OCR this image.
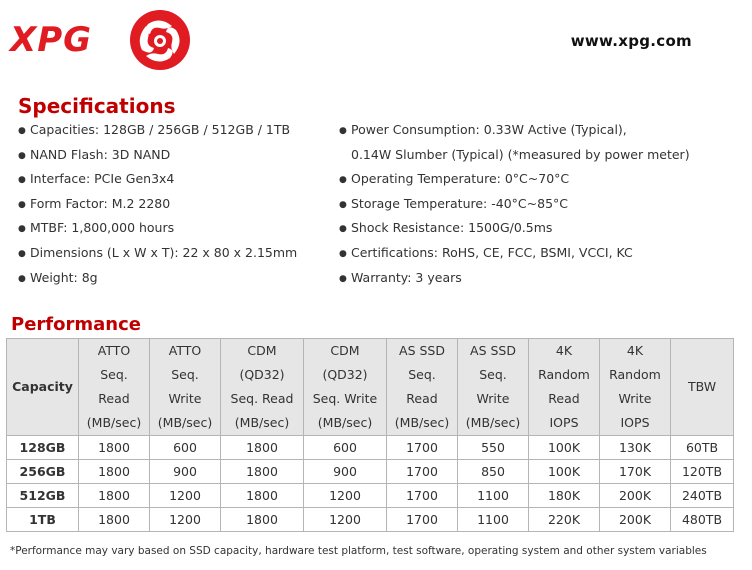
XPG	www.xpg.com
Specifications
● Capacities: 128GB / 256GB / 512GB / 1TB
● NAND Flash: 3D NAND
● Interface: PCIe Gen3x4
● Form Factor: M.2 2280
● MTBF: 1,800,000 hours
● Dimensions (L x W x T): 22 x 80 x 2.15mm
● Weight: 8g
● Power Consumption: 0.33W Active (Typical),
0.14W Slumber (Typical) (*measured by power meter)
● Operating Temperature: 0°C~70°C
● Storage Temperature: -40°C~85°C
● Shock Resistance: 1500G/0.5ms
● Certifications: RoHS, CE, FCC, BSMI, VCCI, KC
● Warranty: 3 years
Performance
Capacity	ATTO
Seq.
Read
(MB/sec)	ATTO
Seq.
Write
(MB/sec)	CDM
(QD32)
Seq. Read
(MB/sec)	CDM
(QD32)
Seq. Write
(MB/sec)	AS SSD
Seq.
Read
(MB/sec)	AS SSD
Seq.
Write
(MB/sec)	4K
Random
Read
IOPS	4K
Random
Write
IOPS	TBW
128GB	1800	600	1800	600	1700	550	100K	130K	60TB
256GB	1800	900	1800	900	1700	850	100K	170K	120TB
512GB	1800	1200	1800	1200	1700	1100	180K	200K	240TB
1TB	1800	1200	1800	1200	1700	1100	220K	200K	480TB
*Performance may vary based on SSD capacity, hardware test platform, test software, operating system and other system variables
